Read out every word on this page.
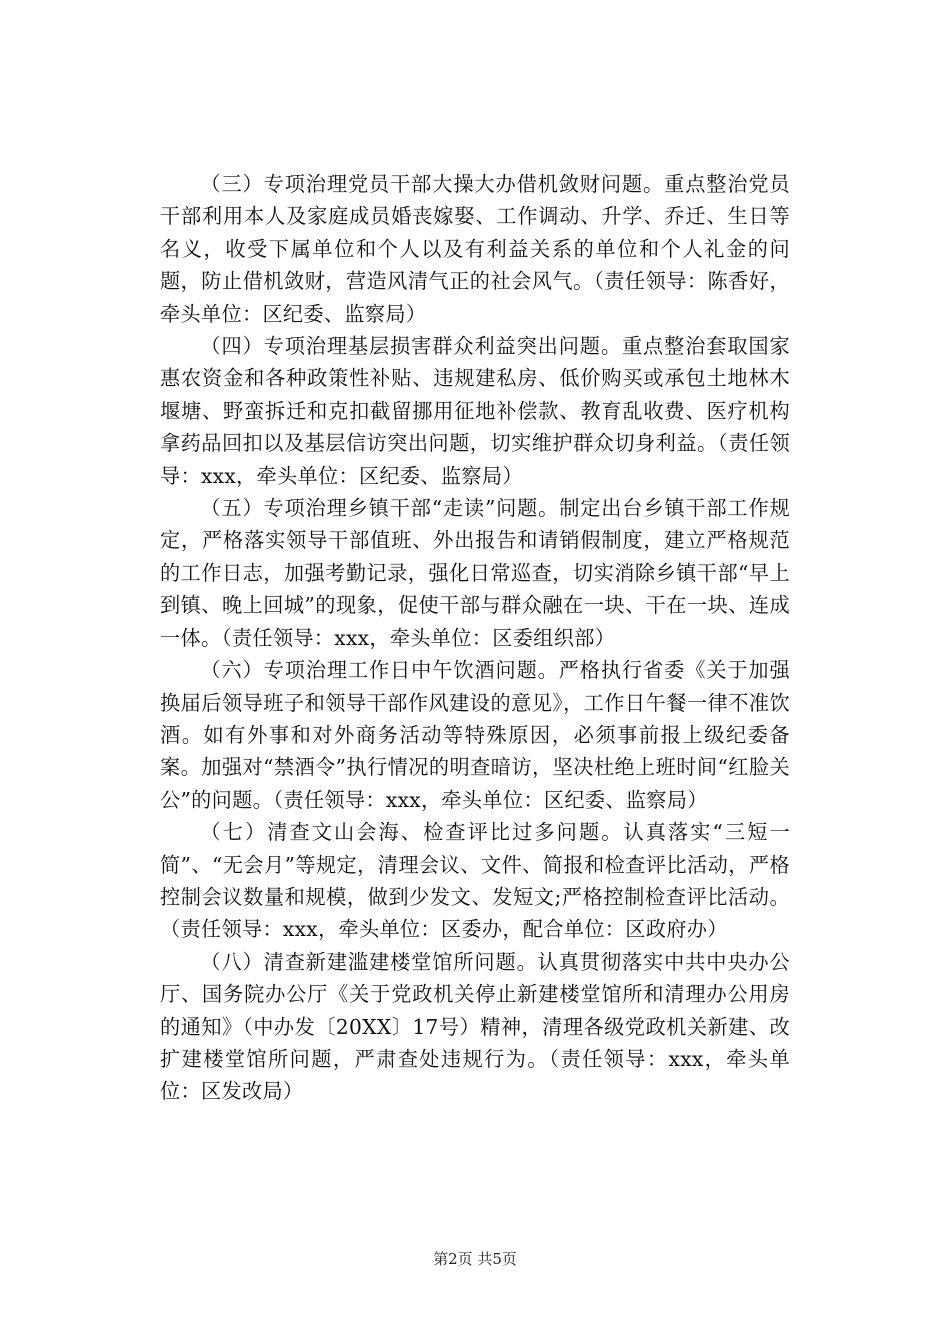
（三）专项治理党员干部大操大办借机敛财问题。重点整治党员干部利用本人及家庭成员婚丧嫁娶、工作调动、升学、乔迁、生日等名义，收受下属单位和个人以及有利益关系的单位和个人礼金的问题，防止借机敛财，营造风清气正的社会风气。（责任领导：陈香好，牵头单位：区纪委、监察局）

（四）专项治理基层损害群众利益突出问题。重点整治套取国家惠农资金和各种政策性补贴、违规建私房、低价购买或承包土地林木堰塘、野蛮拆迁和克扣截留挪用征地补偿款、教育乱收费、医疗机构拿药品回扣以及基层信访突出问题，切实维护群众切身利益。（责任领导：xxx，牵头单位：区纪委、监察局）

（五）专项治理乡镇干部“走读”问题。制定出台乡镇干部工作规定，严格落实领导干部值班、外出报告和请销假制度，建立严格规范的工作日志，加强考勤记录，强化日常巡查，切实消除乡镇干部“早上到镇、晚上回城”的现象，促使干部与群众融在一块、干在一块、连成一体。（责任领导：xxx，牵头单位：区委组织部）

（六）专项治理工作日中午饮酒问题。严格执行省委《关于加强换届后领导班子和领导干部作风建设的意见》，工作日午餐一律不准饮酒。如有外事和对外商务活动等特殊原因，必须事前报上级纪委备案。加强对“禁酒令”执行情况的明查暗访，坚决杜绝上班时间“红脸关公”的问题。（责任领导：xxx，牵头单位：区纪委、监察局）

（七）清查文山会海、检查评比过多问题。认真落实“三短一简”、“无会月”等规定，清理会议、文件、简报和检查评比活动，严格控制会议数量和规模，做到少发文、发短文;严格控制检查评比活动。（责任领导：xxx，牵头单位：区委办，配合单位：区政府办）

（八）清查新建滥建楼堂馆所问题。认真贯彻落实中共中央办公厅、国务院办公厅《关于党政机关停止新建楼堂馆所和清理办公用房的通知》（中办发〔20XX〕17号）精神，清理各级党政机关新建、改扩建楼堂馆所问题，严肃查处违规行为。（责任领导：xxx，牵头单位：区发改局）

第2页 共5页
